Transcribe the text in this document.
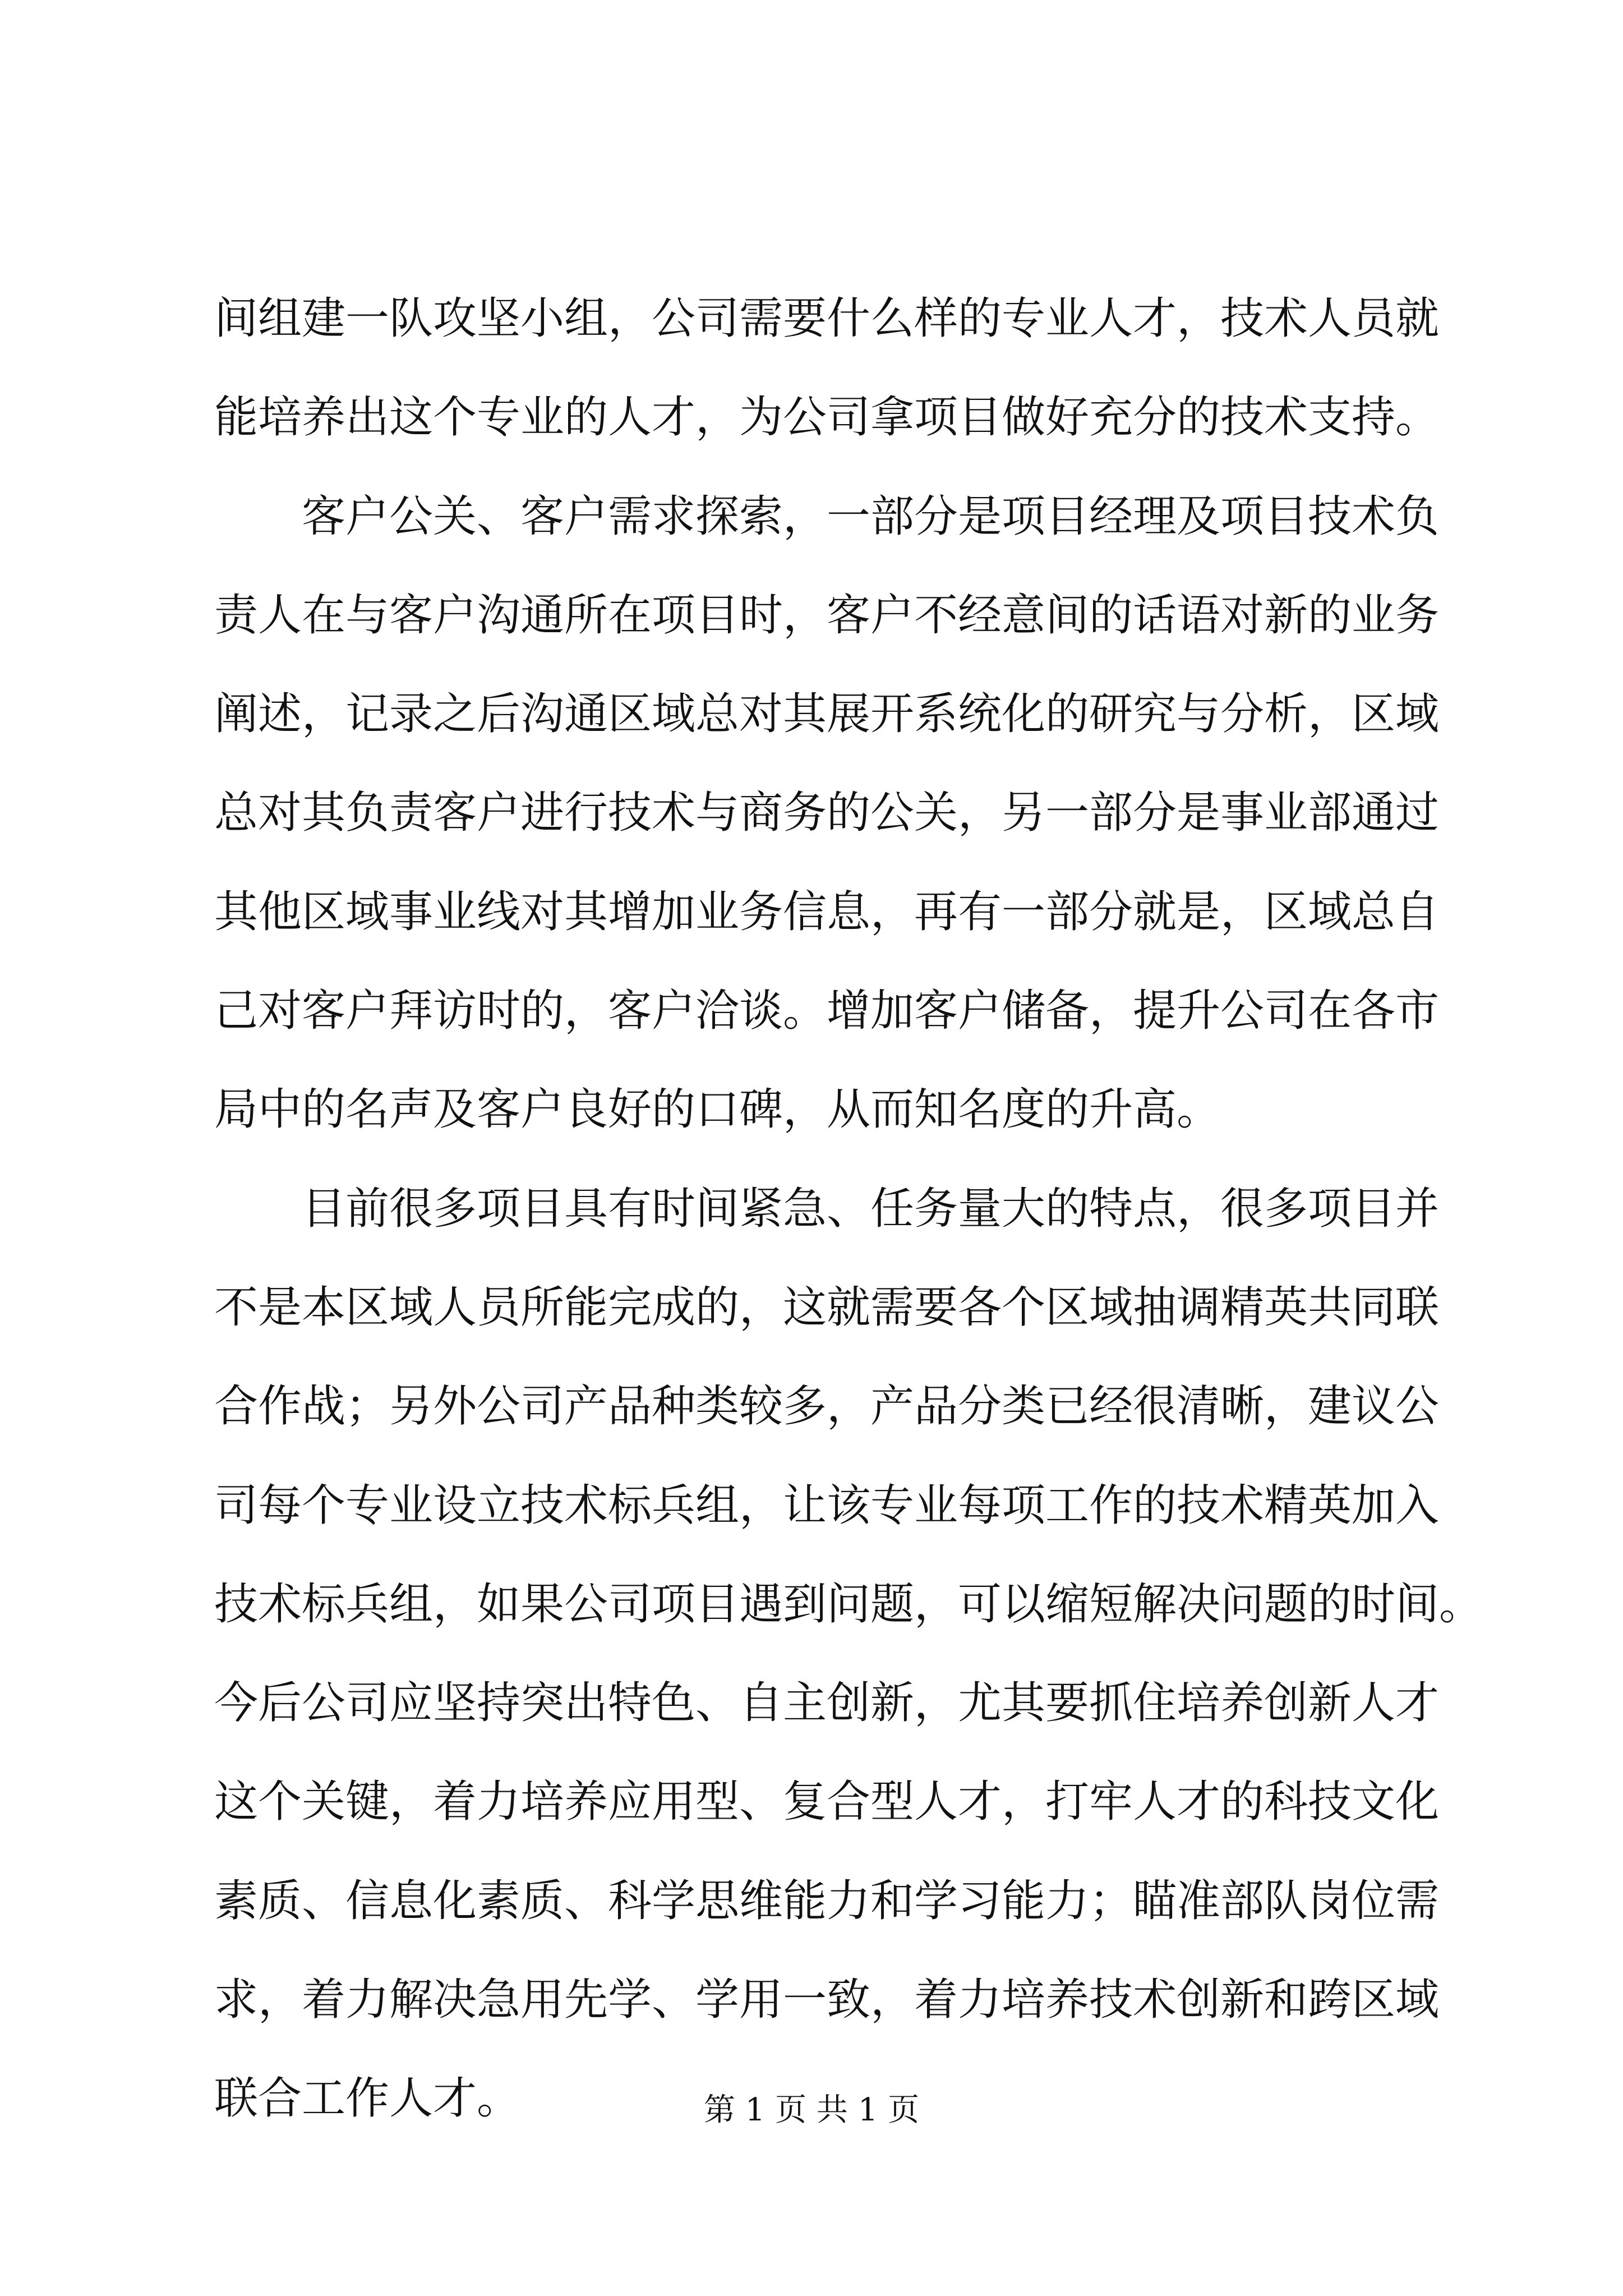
间组建一队攻坚小组，公司需要什么样的专业人才，技术人员就
能培养出这个专业的人才，为公司拿项目做好充分的技术支持。
　　客户公关、客户需求探索，一部分是项目经理及项目技术负
责人在与客户沟通所在项目时，客户不经意间的话语对新的业务
阐述，记录之后沟通区域总对其展开系统化的研究与分析，区域
总对其负责客户进行技术与商务的公关，另一部分是事业部通过
其他区域事业线对其增加业务信息，再有一部分就是，区域总自
己对客户拜访时的，客户洽谈。增加客户储备，提升公司在各市
局中的名声及客户良好的口碑，从而知名度的升高。
　　目前很多项目具有时间紧急、任务量大的特点，很多项目并
不是本区域人员所能完成的，这就需要各个区域抽调精英共同联
合作战；另外公司产品种类较多，产品分类已经很清晰，建议公
司每个专业设立技术标兵组，让该专业每项工作的技术精英加入
技术标兵组，如果公司项目遇到问题，可以缩短解决问题的时间。
今后公司应坚持突出特色、自主创新，尤其要抓住培养创新人才
这个关键，着力培养应用型、复合型人才，打牢人才的科技文化
素质、信息化素质、科学思维能力和学习能力；瞄准部队岗位需
求，着力解决急用先学、学用一致，着力培养技术创新和跨区域
联合工作人才。	第 1 页 共 1 页
